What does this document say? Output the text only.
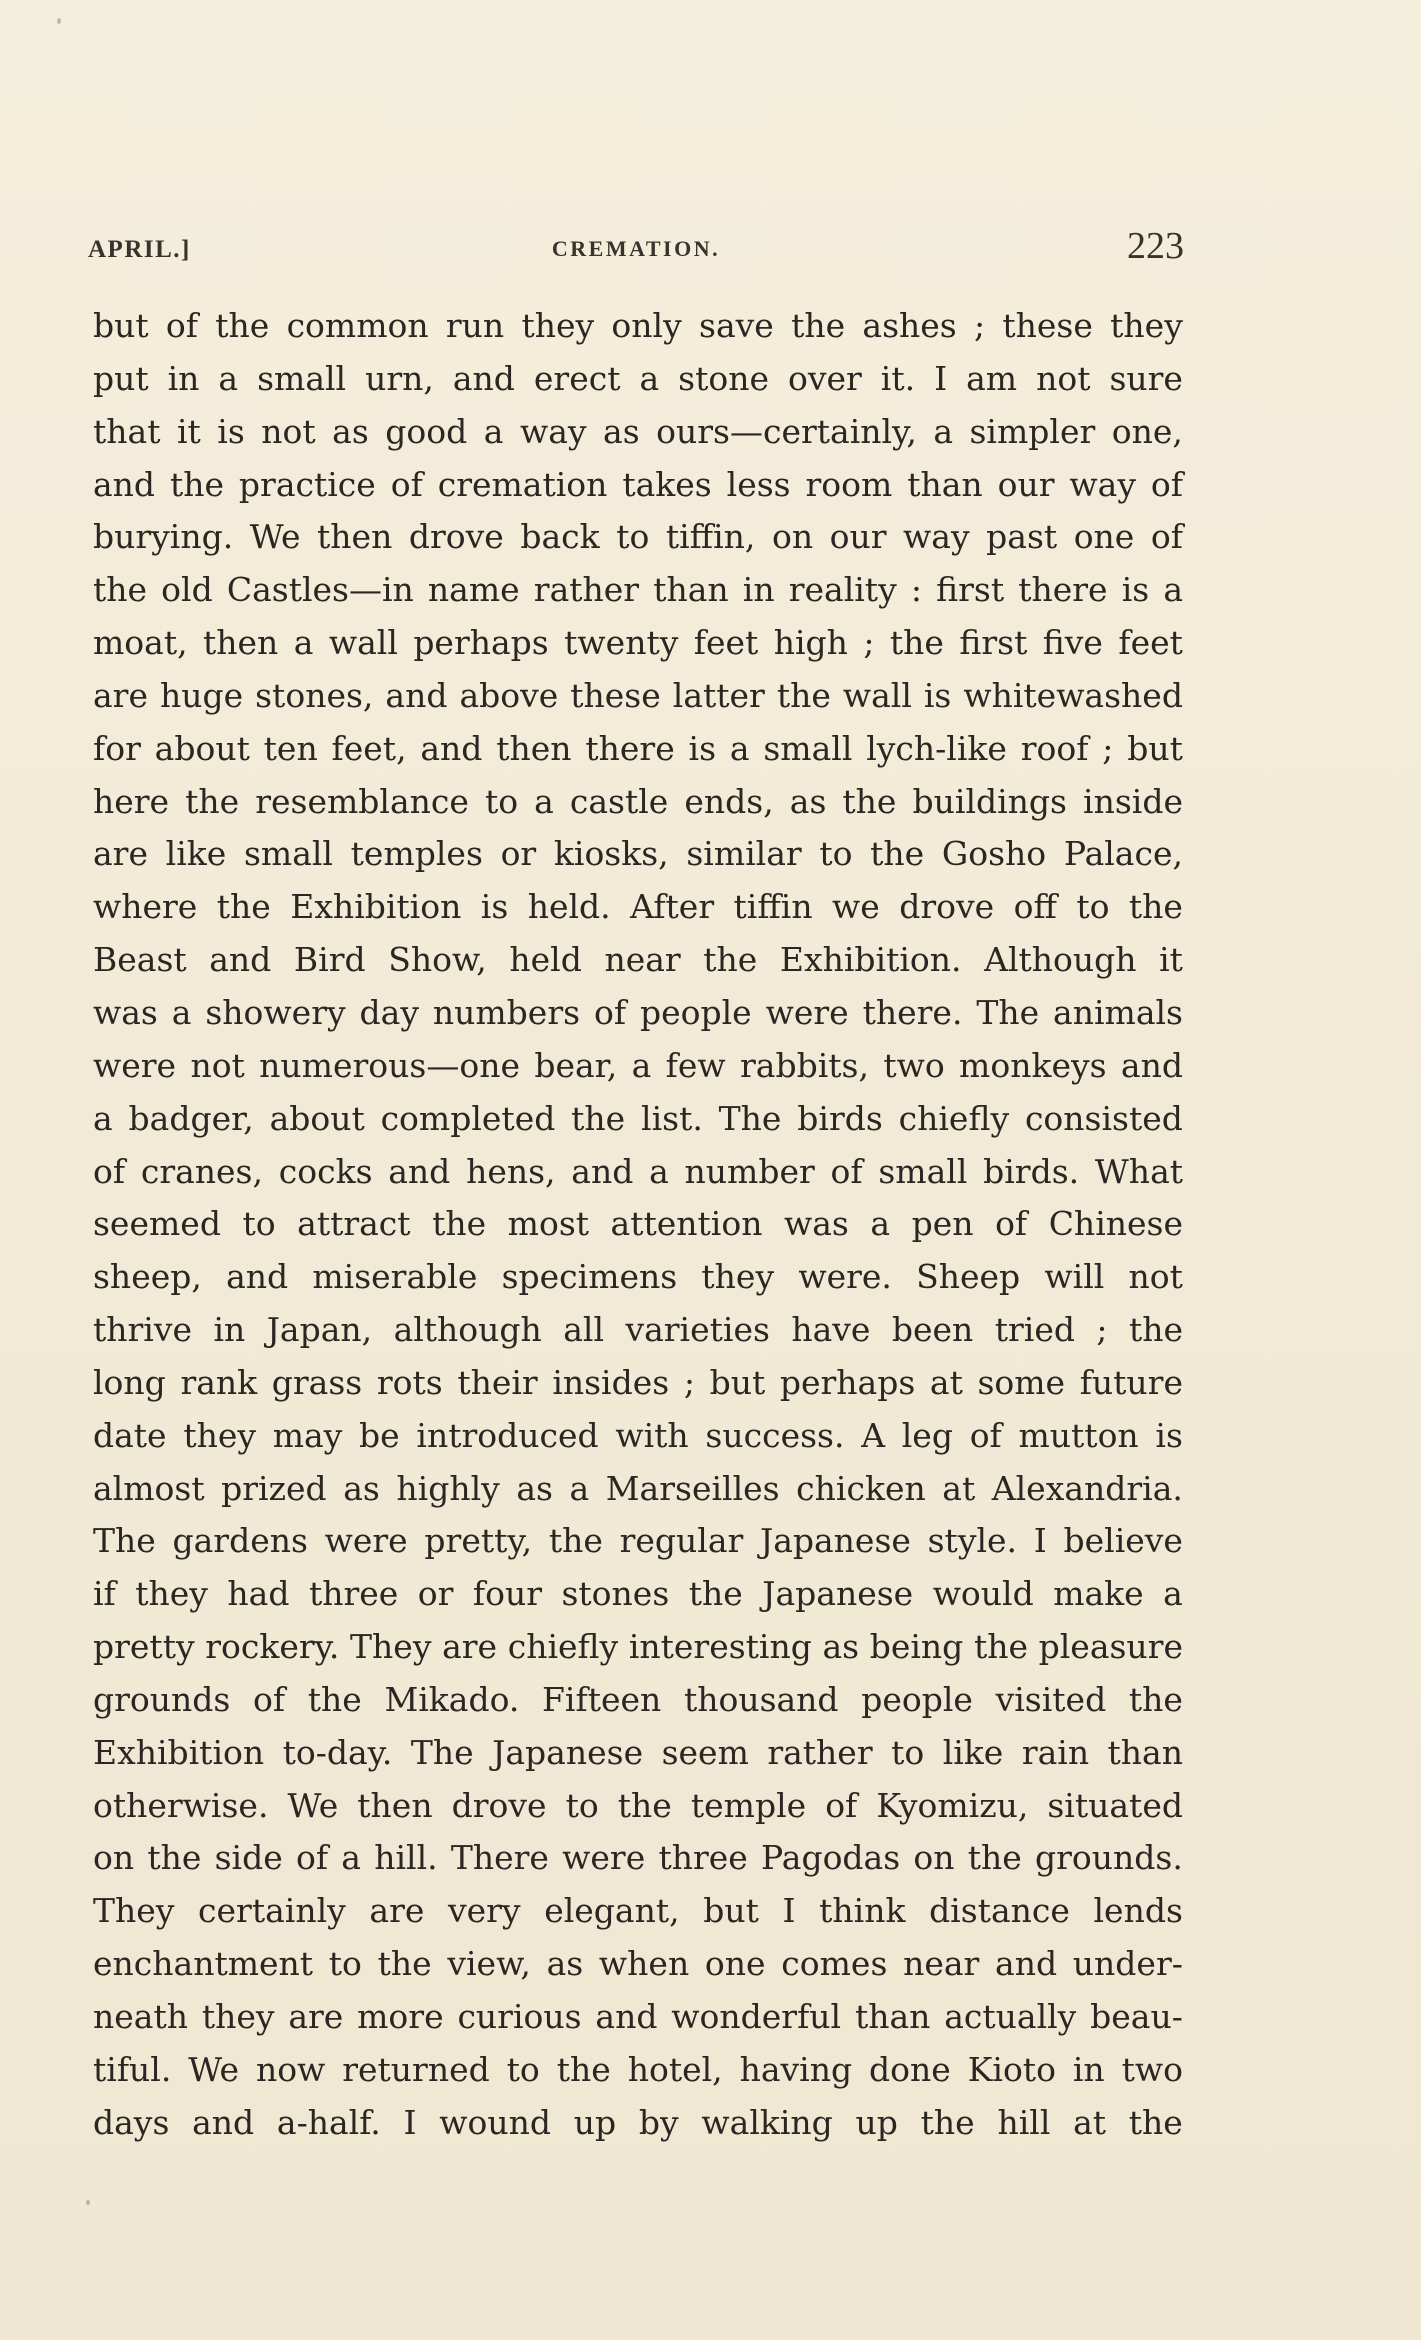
APRIL.]	CREMATION.	223
but of the common run they only save the ashes ; these they
put in a small urn, and erect a stone over it. I am not sure
that it is not as good a way as ours—certainly, a simpler one,
and the practice of cremation takes less room than our way of
burying. We then drove back to tiffin, on our way past one of
the old Castles—in name rather than in reality : first there is a
moat, then a wall perhaps twenty feet high ; the first five feet
are huge stones, and above these latter the wall is whitewashed
for about ten feet, and then there is a small lych-like roof ; but
here the resemblance to a castle ends, as the buildings inside
are like small temples or kiosks, similar to the Gosho Palace,
where the Exhibition is held. After tiffin we drove off to the
Beast and Bird Show, held near the Exhibition. Although it
was a showery day numbers of people were there. The animals
were not numerous—one bear, a few rabbits, two monkeys and
a badger, about completed the list. The birds chiefly consisted
of cranes, cocks and hens, and a number of small birds. What
seemed to attract the most attention was a pen of Chinese
sheep, and miserable specimens they were. Sheep will not
thrive in Japan, although all varieties have been tried ; the
long rank grass rots their insides ; but perhaps at some future
date they may be introduced with success. A leg of mutton is
almost prized as highly as a Marseilles chicken at Alexandria.
The gardens were pretty, the regular Japanese style. I believe
if they had three or four stones the Japanese would make a
pretty rockery. They are chiefly interesting as being the pleasure
grounds of the Mikado. Fifteen thousand people visited the
Exhibition to-day. The Japanese seem rather to like rain than
otherwise. We then drove to the temple of Kyomizu, situated
on the side of a hill. There were three Pagodas on the grounds.
They certainly are very elegant, but I think distance lends
enchantment to the view, as when one comes near and under-
neath they are more curious and wonderful than actually beau-
tiful. We now returned to the hotel, having done Kioto in two
days and a-half. I wound up by walking up the hill at the
